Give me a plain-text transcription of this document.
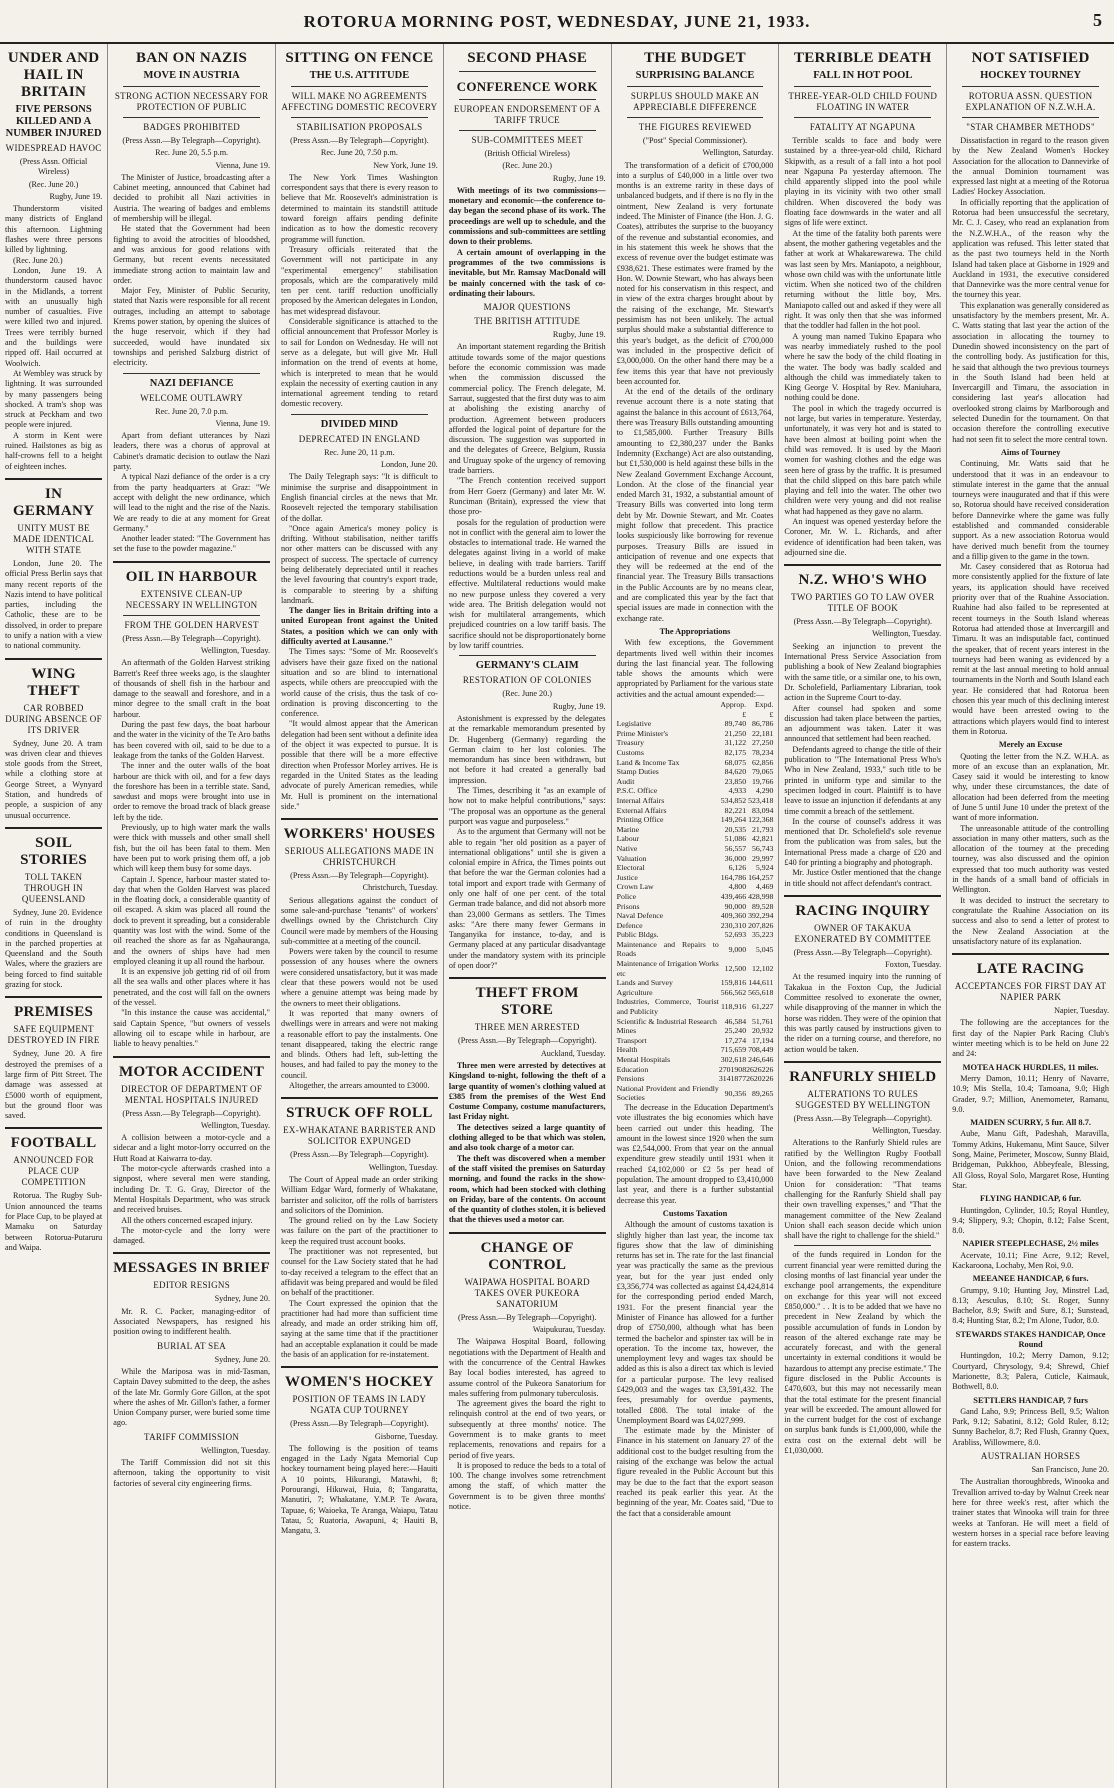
ROTORUA MORNING POST, WEDNESDAY, JUNE 21, 1933.	5
UNDER AND HAIL IN BRITAIN
FIVE PERSONS KILLED AND A NUMBER INJURED
WIDESPREAD HAVOC
(Press Assn. Official Wireless)
(Rec. June 20.)
Rugby, June 19.

Thunderstorm visited many districts of England this afternoon. Lightning flashes were three persons killed by lightning.

(Rec. June 20.)

London, June 19. A thunderstorm caused havoc in the Midlands, a torrent with an unusually high number of casualties. Five were killed two and injured. Trees were terribly burned and the buildings were ripped off. Hail occurred at Woolwich.

At Wembley was struck by lightning. It was surrounded by many passengers being shocked. A tram's shop was struck at Peckham and two people were injured.

A storm in Kent were ruined. Hailstones as big as half-crowns fell to a height of eighteen inches.

IN GERMANY
UNITY MUST BE MADE IDENTICAL WITH STATE

London, June 20. The official Press Berlin says that many recent reports of the Nazis intend to have political parties, including the Catholic, these are to be dissolved, in order to prepare to unify a nation with a view to national community.

WING THEFT
CAR ROBBED DURING ABSENCE OF ITS DRIVER

Sydney, June 20. A tram was driven clear and thieves stole goods from the Street, while a clothing store at George Street, a Wynyard Station, and hundreds of people, a suspicion of any unusual occurrence.

SOIL STORIES
TOLL TAKEN THROUGH IN QUEENSLAND

Sydney, June 20. Evidence of ruin in the droughty conditions in Queensland is in the parched properties at Queensland and the South Wales, where the graziers are being forced to find suitable grazing for stock.

PREMISES
SAFE EQUIPMENT DESTROYED IN FIRE

Sydney, June 20. A fire destroyed the premises of a large firm of Pitt Street. The damage was assessed at £5000 worth of equipment, but the ground floor was saved.

FOOTBALL
ANNOUNCED FOR PLACE CUP COMPETITION

Rotorua. The Rugby Sub-Union announced the teams for Place Cup, to be played at Mamaku on Saturday between Rotorua-Putaruru and Waipa.

BAN ON NAZIS
MOVE IN AUSTRIA
STRONG ACTION NECESSARY FOR PROTECTION OF PUBLIC
BADGES PROHIBITED
(Press Assn.—By Telegraph—Copyright).
Rec. June 20, 5.5 p.m.
Vienna, June 19.

The Minister of Justice, broadcasting after a Cabinet meeting, announced that Cabinet had decided to prohibit all Nazi activities in Austria. The wearing of badges and emblems of membership will be illegal.

He stated that the Government had been fighting to avoid the atrocities of bloodshed, and was anxious for good relations with Germany, but recent events necessitated immediate strong action to maintain law and order.

Major Fey, Minister of Public Security, stated that Nazis were responsible for all recent outrages, including an attempt to sabotage Krems power station, by opening the sluices of the huge reservoir, which if they had succeeded, would have inundated six townships and perished Salzburg district of electricity.

NAZI DEFIANCE
WELCOME OUTLAWRY
Rec. June 20, 7.0 p.m.
Vienna, June 19.

Apart from defiant utterances by Nazi leaders, there was a chorus of approval at Cabinet's dramatic decision to outlaw the Nazi party.

A typical Nazi defiance of the order is a cry from the party headquarters at Graz: "We accept with delight the new ordinance, which will lead to the night and the rise of the Nazis. We are ready to die at any moment for Great Germany."

Another leader stated: "The Government has set the fuse to the powder magazine."

OIL IN HARBOUR
EXTENSIVE CLEAN-UP NECESSARY IN WELLINGTON
FROM THE GOLDEN HARVEST
(Press Assn.—By Telegraph—Copyright).
Wellington, Tuesday.

An aftermath of the Golden Harvest striking Barrett's Reef three weeks ago, is the slaughter of thousands of shell fish in the harbour and damage to the seawall and foreshore, and in a minor degree to the small craft in the boat harbour.

During the past few days, the boat harbour and the water in the vicinity of the Te Aro baths has been covered with oil, said to be due to a leakage from the tanks of the Golden Harvest.

The inner and the outer walls of the boat harbour are thick with oil, and for a few days the foreshore has been in a terrible state. Sand, sawdust and mops were brought into use in order to remove the broad track of black grease left by the tide.

Previously, up to high water mark the walls were thick with mussels and other small shell fish, but the oil has been fatal to them. Men have been put to work prising them off, a job which will keep them busy for some days.

Captain J. Spence, harbour master stated to-day that when the Golden Harvest was placed in the floating dock, a considerable quantity of oil escaped. A skim was placed all round the dock to prevent it spreading, but a considerable quantity was lost with the wind. Some of the oil reached the shore as far as Ngahauranga, and the owners of ships have had men employed cleaning it up all round the harbour.

It is an expensive job getting rid of oil from all the sea walls and other places where it has penetrated, and the cost will fall on the owners of the vessel.

"In this instance the cause was accidental," said Captain Spence, "but owners of vessels allowing oil to escape while in harbour, are liable to heavy penalties."

MOTOR ACCIDENT
DIRECTOR OF DEPARTMENT OF MENTAL HOSPITALS INJURED
(Press Assn.—By Telegraph—Copyright).
Wellington, Tuesday.

A collision between a motor-cycle and a sidecar and a light motor-lorry occurred on the Hutt Road at Kaiwarra to-day.

The motor-cycle afterwards crashed into a signpost, where several men were standing, including Dr. T. G. Gray, Director of the Mental Hospitals Department, who was struck and received bruises.

All the others concerned escaped injury.

The motor-cycle and the lorry were damaged.

MESSAGES IN BRIEF
EDITOR RESIGNS
Sydney, June 20.

Mr. R. C. Packer, managing-editor of Associated Newspapers, has resigned his position owing to indifferent health.

BURIAL AT SEA
Sydney, June 20.

While the Mariposa was in mid-Tasman, Captain Davey submitted to the deep, the ashes of the late Mr. Gormly Gore Gillon, at the spot where the ashes of Mr. Gillon's father, a former Union Company purser, were buried some time ago.

TARIFF COMMISSION
Wellington, Tuesday.

The Tariff Commission did not sit this afternoon, taking the opportunity to visit factories of several city engineering firms.

SITTING ON FENCE
THE U.S. ATTITUDE
WILL MAKE NO AGREEMENTS AFFECTING DOMESTIC RECOVERY
STABILISATION PROPOSALS
(Press Assn.—By Telegraph—Copyright).
Rec. June 20, 7.50 p.m.
New York, June 19.

The New York Times Washington correspondent says that there is every reason to believe that Mr. Roosevelt's administration is determined to maintain its standstill attitude toward foreign affairs pending definite indication as to how the domestic recovery programme will function.

Treasury officials reiterated that the Government will not participate in any "experimental emergency" stabilisation proposals, which are the comparatively mild ten per cent. tariff reduction unofficially proposed by the American delegates in London, has met widespread disfavour.

Considerable significance is attached to the official announcement that Professor Morley is to sail for London on Wednesday. He will not serve as a delegate, but will give Mr. Hull information on the trend of events at home, which is interpreted to mean that he would explain the necessity of exerting caution in any international agreement tending to retard domestic recovery.

DIVIDED MIND
DEPRECATED IN ENGLAND
Rec. June 20, 11 p.m.
London, June 20.

The Daily Telegraph says: "It is difficult to minimise the surprise and disappointment in English financial circles at the news that Mr. Roosevelt rejected the temporary stabilisation of the dollar.

"Once again America's money policy is drifting. Without stabilisation, neither tariffs nor other matters can be discussed with any prospect of success. The spectacle of currency being deliberately depreciated until it reaches the level favouring that country's export trade, is comparable to steering by a shifting landmark.

The danger lies in Britain drifting into a united European front against the United States, a position which we can only with difficulty averted at Lausanne."

The Times says: "Some of Mr. Roosevelt's advisers have their gaze fixed on the national situation and so are blind to international aspects, while others are preoccupied with the world cause of the crisis, thus the task of co-ordination is proving disconcerting to the conference.

"It would almost appear that the American delegation had been sent without a definite idea of the object it was expected to pursue. It is possible that there will be a more effective direction when Professor Morley arrives. He is regarded in the United States as the leading advocate of purely American remedies, while Mr. Hull is prominent on the international side."

WORKERS' HOUSES
SERIOUS ALLEGATIONS MADE IN CHRISTCHURCH
(Press Assn.—By Telegraph—Copyright).
Christchurch, Tuesday.

Serious allegations against the conduct of some sale-and-purchase "tenants" of workers' dwellings owned by the Christchurch City Council were made by members of the Housing sub-committee at a meeting of the council.

Powers were taken by the council to resume possession of any houses where the owners were considered unsatisfactory, but it was made clear that these powers would not be used where a genuine attempt was being made by the owners to meet their obligations.

It was reported that many owners of dwellings were in arrears and were not making a reasonable effort to pay the instalments. One tenant disappeared, taking the electric range and blinds. Others had left, sub-letting the houses, and had failed to pay the money to the council.

Altogether, the arrears amounted to £3000.

STRUCK OFF ROLL
EX-WHAKATANE BARRISTER AND SOLICITOR EXPUNGED
(Press Assn.—By Telegraph—Copyright).
Wellington, Tuesday.

The Court of Appeal made an order striking William Edgar Ward, formerly of Whakatane, barrister and solicitor, off the rolls of barristers and solicitors of the Dominion.

The ground relied on by the Law Society was failure on the part of the practitioner to keep the required trust account books.

The practitioner was not represented, but counsel for the Law Society stated that he had to-day received a telegram to the effect that an affidavit was being prepared and would be filed on behalf of the practitioner.

The Court expressed the opinion that the practitioner had had more than sufficient time already, and made an order striking him off, saying at the same time that if the practitioner had an acceptable explanation it could be made the basis of an application for re-instatement.

WOMEN'S HOCKEY
POSITION OF TEAMS IN LADY NGATA CUP TOURNEY
(Press Assn.—By Telegraph—Copyright).
Gisborne, Tuesday.

The following is the position of teams engaged in the Lady Ngata Memorial Cup hockey tournament being played here:—Hauiti A 10 points, Hikurangi, Matawhi, 8; Porourangi, Hikuwai, Huia, 8; Tangaratta, Manutiri, 7; Whakatane, Y.M.P. Te Awara, Tapuae, 6; Waioeka, Te Aranga, Waiapu, Tatau Tatau, 5; Ruatoria, Awapuni, 4; Hauiti B, Mangatu, 3.

SECOND PHASE
CONFERENCE WORK
EUROPEAN ENDORSEMENT OF A TARIFF TRUCE
SUB-COMMITTEES MEET
(British Official Wireless)
(Rec. June 20.)
Rugby, June 19.

With meetings of its two commissions—monetary and economic—the conference to-day began the second phase of its work. The proceedings are well up to schedule, and the commissions and sub-committees are settling down to their problems.

A certain amount of overlapping in the programmes of the two commissions is inevitable, but Mr. Ramsay MacDonald will be mainly concerned with the task of co-ordinating their labours.

MAJOR QUESTIONS
THE BRITISH ATTITUDE
Rugby, June 19.

An important statement regarding the British attitude towards some of the major questions before the economic commission was made when the commission discussed the commercial policy. The French delegate, M. Sarraut, suggested that the first duty was to aim at abolishing the existing anarchy of production. Agreement between producers afforded the logical point of departure for the discussion. The suggestion was supported in and the delegates of Greece, Belgium, Russia and Uruguay spoke of the urgency of removing trade barriers.

"The French contention received support from Herr Goerz (Germany) and later Mr. W. Runciman (Britain), expressed the view that those pro-

posals for the regulation of production were not in conflict with the general aim to lower the obstacles to international trade. He warned the delegates against living in a world of make believe, in dealing with trade barriers. Tariff reductions would be a burden unless real and effective. Multilateral reductions would make no new purpose unless they covered a very wide area. The British delegation would not wish for multilateral arrangements, which prejudiced countries on a low tariff basis. The sacrifice should not be disproportionately borne by low tariff countries.

GERMANY'S CLAIM
RESTORATION OF COLONIES
(Rec. June 20.)
Rugby, June 19.

Astonishment is expressed by the delegates at the remarkable memorandum presented by Dr. Hugenberg (Germany) regarding the German claim to her lost colonies. The memorandum has since been withdrawn, but not before it had created a generally bad impression.

The Times, describing it "as an example of how not to make helpful contributions," says: "The proposal was an opportune as the general purport was vague and purposeless."

As to the argument that Germany will not be able to regain "her old position as a payer of international obligations" until she is given a colonial empire in Africa, the Times points out that before the war the German colonies had a total import and export trade with Germany of only one half of one per cent. of the total German trade balance, and did not absorb more than 23,000 Germans as settlers. The Times asks: "Are there many fewer Germans in Tanganyika for instance, to-day, and is Germany placed at any particular disadvantage under the mandatory system with its principle of open door?"

THEFT FROM STORE
THREE MEN ARRESTED
(Press Assn.—By Telegraph—Copyright).
Auckland, Tuesday.

Three men were arrested by detectives at Kingsland to-night, following the theft of a large quantity of women's clothing valued at £385 from the premises of the West End Costume Company, costume manufacturers, last Friday night.

The detectives seized a large quantity of clothing alleged to be that which was stolen, and also took charge of a motor car.

The theft was discovered when a member of the staff visited the premises on Saturday morning, and found the racks in the show-room, which had been stocked with clothing on Friday, bare of the contents. On account of the quantity of clothes stolen, it is believed that the thieves used a motor car.

CHANGE OF CONTROL
WAIPAWA HOSPITAL BOARD TAKES OVER PUKEORA SANATORIUM
(Press Assn.—By Telegraph—Copyright).
Waipukurau, Tuesday.

The Waipawa Hospital Board, following negotiations with the Department of Health and with the concurrence of the Central Hawkes Bay local bodies interested, has agreed to assume control of the Pukeora Sanatorium for males suffering from pulmonary tuberculosis.

The agreement gives the board the right to relinquish control at the end of two years, or subsequently at three months' notice. The Government is to make grants to meet replacements, renovations and repairs for a period of five years.

It is proposed to reduce the beds to a total of 100. The change involves some retrenchment among the staff, of which matter the Government is to be given three months' notice.

THE BUDGET
SURPRISING BALANCE
SURPLUS SHOULD MAKE AN APPRECIABLE DIFFERENCE
THE FIGURES REVIEWED
("Post" Special Commissioner).
Wellington, Saturday.

The transformation of a deficit of £700,000 into a surplus of £40,000 in a little over two months is an extreme rarity in these days of unbalanced budgets, and if there is no fly in the ointment, New Zealand is very fortunate indeed. The Minister of Finance (the Hon. J. G. Coates), attributes the surprise to the buoyancy of the revenue and substantial economies, and in his statement this week he shows that the excess of revenue over the budget estimate was £938,621. These estimates were framed by the Hon. W. Downie Stewart, who has always been noted for his conservatism in this respect, and in view of the extra charges brought about by the raising of the exchange, Mr. Stewart's pessimism has not been unlikely. The actual surplus should make a substantial difference to this year's budget, as the deficit of £700,000 was included in the prospective deficit of £3,000,000. On the other hand there may be a few items this year that have not previously been accounted for.

At the end of the details of the ordinary revenue account there is a note stating that against the balance in this account of £613,764, there was Treasury Bills outstanding amounting to £1,585,000. Further Treasury Bills amounting to £2,380,237 under the Banks Indemnity (Exchange) Act are also outstanding, but £1,530,000 is held against these bills in the New Zealand Government Exchange Account, London. At the close of the financial year ended March 31, 1932, a substantial amount of Treasury Bills was converted into long term debt by Mr. Downie Stewart, and Mr. Coates might follow that precedent. This practice looks suspiciously like borrowing for revenue purposes. Treasury Bills are issued in anticipation of revenue and one expects that they will be redeemed at the end of the financial year. The Treasury Bills transactions in the Public Accounts are by no means clear, and are complicated this year by the fact that special issues are made in connection with the exchange rate.

The Appropriations

With few exceptions, the Government departments lived well within their incomes during the last financial year. The following table shows the amounts which were appropriated by Parliament for the various state activities and the actual amount expended:—

	Approp.	Expd.
	£	£
Legislative	89,740	86,786
Prime Minister's	21,250	22,181
Treasury	31,122	27,250
Customs	82,175	78,234
Land & Income Tax	68,075	62,856
Stamp Duties	84,620	79,065
Audit	23,850	19,766
P.S.C. Office	4,933	4,290
Internal Affairs	534,852	523,418
External Affairs	82,221	83,094
Printing Office	149,264	122,368
Marine	20,535	21,793
Labour	51,086	42,821
Native	56,557	56,743
Valuation	36,000	29,997
Electoral	6,126	5,924
Justice	164,786	164,257
Crown Law	4,800	4,469
Police	439,466	428,998
Prisons	90,000	89,528
Naval Defence	409,360	392,294
Defence	230,310	207,826
Public Bldgs.	52,693	35,223
Maintenance and Repairs to Roads	9,000	5,045
Maintenance of Irrigation Works etc	12,500	12,102
Lands and Survey	159,816	144,611
Agriculture	566,562	565,618
Industries, Commerce, Tourist and Publicity	118,916	61,227
Scientific & Industrial Research	46,584	51,761
Mines	25,240	20,932
Transport	17,274	17,194
Health	715,659	708,449
Mental Hospitals	302,618	246,646
Education	2701908	2626226
Pensions	3141877	2620226
National Provident and Friendly Societies	90,356	89,265

The decrease in the Education Department's vote illustrates the big economies which have been carried out under this heading. The amount in the lowest since 1920 when the sum was £2,544,000. From that year on the annual expenditure grew steadily until 1931 when it reached £4,102,000 or £2 5s per head of population. The amount dropped to £3,410,000 last year, and there is a further substantial decrease this year.

Customs Taxation

Although the amount of customs taxation is slightly higher than last year, the income tax figures show that the law of diminishing returns has set in. The rate for the last financial year was practically the same as the previous year, but for the year just ended only £3,356,774 was collected as against £4,424,814 for the corresponding period ended March, 1931. For the present financial year the Minister of Finance has allowed for a further drop of £750,000, although what has been termed the bachelor and spinster tax will be in operation. To the income tax, however, the unemployment levy and wages tax should be added as this is also a direct tax which is levied for a particular purpose. The levy realised £429,003 and the wages tax £3,591,432. The fees, presumably for overdue payments, totalled £808. The total intake of the Unemployment Board was £4,027,999.

The estimate made by the Minister of Finance in his statement on January 27 of the additional cost to the budget resulting from the raising of the exchange was below the actual figure revealed in the Public Account but this may be due to the fact that the export season reached its peak earlier this year. At the beginning of the year, Mr. Coates said, "Due to the fact that a considerable amount

TERRIBLE DEATH
FALL IN HOT POOL
THREE-YEAR-OLD CHILD FOUND FLOATING IN WATER
FATALITY AT NGAPUNA

Terrible scalds to face and body were sustained by a three-year-old child, Richard Skipwith, as a result of a fall into a hot pool near Ngapuna Pa yesterday afternoon. The child apparently slipped into the pool while playing in its vicinity with two other small children. When discovered the body was floating face downwards in the water and all signs of life were extinct.

At the time of the fatality both parents were absent, the mother gathering vegetables and the father at work at Whakarewarewa. The child was last seen by Mrs. Maniapoto, a neighbour, whose own child was with the unfortunate little victim. When she noticed two of the children returning without the little boy, Mrs. Maniapoto called out and asked if they were all right. It was only then that she was informed that the toddler had fallen in the hot pool.

A young man named Tukino Epapara who was nearby immediately rushed to the pool where he saw the body of the child floating in the water. The body was badly scalded and although the child was immediately taken to King George V. Hospital by Rev. Maniuhara, nothing could be done.

The pool in which the tragedy occurred is not large, but varies in temperature. Yesterday, unfortunately, it was very hot and is stated to have been almost at boiling point when the child was removed. It is used by the Maori women for washing clothes and the edge was seen here of grass by the traffic. It is presumed that the child slipped on this bare patch while playing and fell into the water. The other two children were very young and did not realise what had happened as they gave no alarm.

An inquest was opened yesterday before the Coroner, Mr. W. L. Richards, and after evidence of identification had been taken, was adjourned sine die.

N.Z. WHO'S WHO
TWO PARTIES GO TO LAW OVER TITLE OF BOOK
(Press Assn.—By Telegraph—Copyright).
Wellington, Tuesday.

Seeking an injunction to prevent the International Press Service Association from publishing a book of New Zealand biographies with the same title, or a similar one, to his own, Dr. Scholefield, Parliamentary Librarian, took action in the Supreme Court to-day.

After counsel had spoken and some discussion had taken place between the parties, an adjournment was taken. Later it was announced that settlement had been reached.

Defendants agreed to change the title of their publication to "The International Press Who's Who in New Zealand, 1933," such title to be printed in uniform type and similar to the specimen lodged in court. Plaintiff is to have leave to issue an injunction if defendants at any time commit a breach of the settlement.

In the course of counsel's address it was mentioned that Dr. Scholefield's sole revenue from the publication was from sales, but the International Press made a charge of £20 and £40 for printing a biography and photograph.

Mr. Justice Ostler mentioned that the change in title should not affect defendant's contract.

RACING INQUIRY
OWNER OF TAKAKUA EXONERATED BY COMMITTEE
(Press Assn.—By Telegraph—Copyright).
Foxton, Tuesday.

At the resumed inquiry into the running of Takakua in the Foxton Cup, the Judicial Committee resolved to exonerate the owner, while disapproving of the manner in which the horse was ridden. They were of the opinion that this was partly caused by instructions given to the rider on a turning course, and therefore, no action would be taken.

RANFURLY SHIELD
ALTERATIONS TO RULES SUGGESTED BY WELLINGTON
(Press Assn.—By Telegraph—Copyright).
Wellington, Tuesday.

Alterations to the Ranfurly Shield rules are ratified by the Wellington Rugby Football Union, and the following recommendations have been forwarded to the New Zealand Union for consideration: "That teams challenging for the Ranfurly Shield shall pay their own travelling expenses," and "That the management committee of the New Zealand Union shall each season decide which union shall have the right to challenge for the shield."

of the funds required in London for the current financial year were remitted during the closing months of last financial year under the exchange pool arrangements, the expenditure on exchange for this year will not exceed £850,000." . . It is to be added that we have no precedent in New Zealand by which the possible accumulation of funds in London by reason of the altered exchange rate may be accurately forecast, and with the general uncertainty in external conditions it would be hazardous to attempt any precise estimate." The figure disclosed in the Public Accounts is £470,603, but this may not necessarily mean that the total estimate for the present financial year will be exceeded. The amount allowed for in the current budget for the cost of exchange on surplus bank funds is £1,000,000, while the extra cost on the external debt will be £1,030,000.

NOT SATISFIED
HOCKEY TOURNEY
ROTORUA ASSN. QUESTION EXPLANATION OF N.Z.W.H.A.
"STAR CHAMBER METHODS"

Dissatisfaction in regard to the reason given by the New Zealand Women's Hockey Association for the allocation to Dannevirke of the annual Dominion tournament was expressed last night at a meeting of the Rotorua Ladies' Hockey Association.

In officially reporting that the application of Rotorua had been unsuccessful the secretary, Mr. C. J. Casey, who read an explanation from the N.Z.W.H.A., of the reason why the application was refused. This letter stated that as the past two tourneys held in the North Island had taken place at Gisborne in 1929 and Auckland in 1931, the executive considered that Dannevirke was the more central venue for the tourney this year.

This explanation was generally considered as unsatisfactory by the members present, Mr. A. C. Watts stating that last year the action of the association in allocating the tourney to Dunedin showed inconsistency on the part of the controlling body. As justification for this, he said that although the two previous tourneys in the South Island had been held at Invercargill and Timaru, the association in considering last year's allocation had overlooked strong claims by Marlborough and selected Dunedin for the tournament. On that occasion therefore the controlling executive had not seen fit to select the more central town.

Aims of Tourney

Continuing, Mr. Watts said that he understood that it was in an endeavour to stimulate interest in the game that the annual tourneys were inaugurated and that if this were so, Rotorua should have received consideration before Dannevirke where the game was fully established and commanded considerable support. As a new association Rotorua would have derived much benefit from the tourney and a fillip given to the game in the town.

Mr. Casey considered that as Rotorua had more consistently applied for the fixture of late years, its application should have received priority over that of the Ruahine Association. Ruahine had also failed to be represented at recent tourneys in the South Island whereas Rotorua had attended those at Invercargill and Timaru. It was an indisputable fact, continued the speaker, that of recent years interest in the tourneys had been waning as evidenced by a remit at the last annual meeting to hold annual tournaments in the North and South Island each year. He considered that had Rotorua been chosen this year much of this declining interest would have been arrested owing to the attractions which players would find to interest them in Rotorua.

Merely an Excuse

Quoting the letter from the N.Z. W.H.A. as more of an excuse than an explanation, Mr. Casey said it would be interesting to know why, under these circumstances, the date of allocation had been deferred from the meeting of June 5 until June 10 under the pretext of the want of more information.

The unreasonable attitude of the controlling association in many other matters, such as the allocation of the tourney at the preceding tourney, was also discussed and the opinion expressed that too much authority was vested in the hands of a small band of officials in Wellington.

It was decided to instruct the secretary to congratulate the Ruahine Association on its success and also to send a letter of protest to the New Zealand Association at the unsatisfactory nature of its explanation.

LATE RACING
ACCEPTANCES FOR FIRST DAY AT NAPIER PARK
Napier, Tuesday.

The following are the acceptances for the first day of the Napier Park Racing Club's winter meeting which is to be held on June 22 and 24:

MOTEA HACK HURDLES, 11 miles.

Merry Damon, 10.11; Henry of Navarre, 10.9; Mis Stella, 10.4; Tamoana, 9.0; High Grader, 9.7; Million, Anemometer, Ramanu, 9.0.

MAIDEN SCURRY, 5 fur. All 8.7.

Aube, Manu Gift, Padeshah, Maravilla, Tommy Atkins, Hukemanu, Mint Sauce, Silver Song, Maine, Perimeter, Moscow, Sunny Blaid, Bridgeman, Pukkhoo, Abbeyfeale, Blessing, All Gloss, Royal Solo, Margaret Rose, Hunting Star.

FLYING HANDICAP, 6 fur.

Huntingdon, Cylinder, 10.5; Royal Huntley, 9.4; Slippery, 9.3; Chopin, 8.12; False Scent, 8.0.

NAPIER STEEPLECHASE, 2½ miles

Acervate, 10.11; Fine Acre, 9.12; Revel, Kackaroona, Lochaby, Men Roi, 9.0.

MEEANEE HANDICAP, 6 furs.

Grumpy, 9.10; Hunting Joy, Minstrel Lad, 8.13; Aesculus, 8.10; St. Roger, Sunny Bachelor, 8.9; Swift and Sure, 8.1; Sunstead, 8.4; Hunting Star, 8.2; I'm Alone, Tudor, 8.0.

STEWARDS STAKES HANDICAP, Once Round

Huntingdon, 10.2; Merry Damon, 9.12; Courtyard, Chrysology, 9.4; Shrewd, Chief Marionette, 8.3; Palera, Cuticle, Kaimauk, Bothwell, 8.0.

SETTLERS HANDICAP, 7 furs

Gand Laho, 9.9; Princess Bell, 9.5; Walton Park, 9.12; Sabatini, 8.12; Gold Ruler, 8.12; Sunny Bachelor, 8.7; Red Flush, Granny Quex, Arabliss, Willowmere, 8.0.

AUSTRALIAN HORSES
San Francisco, June 20.

The Australian thoroughbreds, Winooka and Trevallion arrived to-day by Walnut Creek near here for three week's rest, after which the trainer states that Winooka will train for three weeks at Tanforan. He will meet a field of western horses in a special race before leaving for eastern tracks.
